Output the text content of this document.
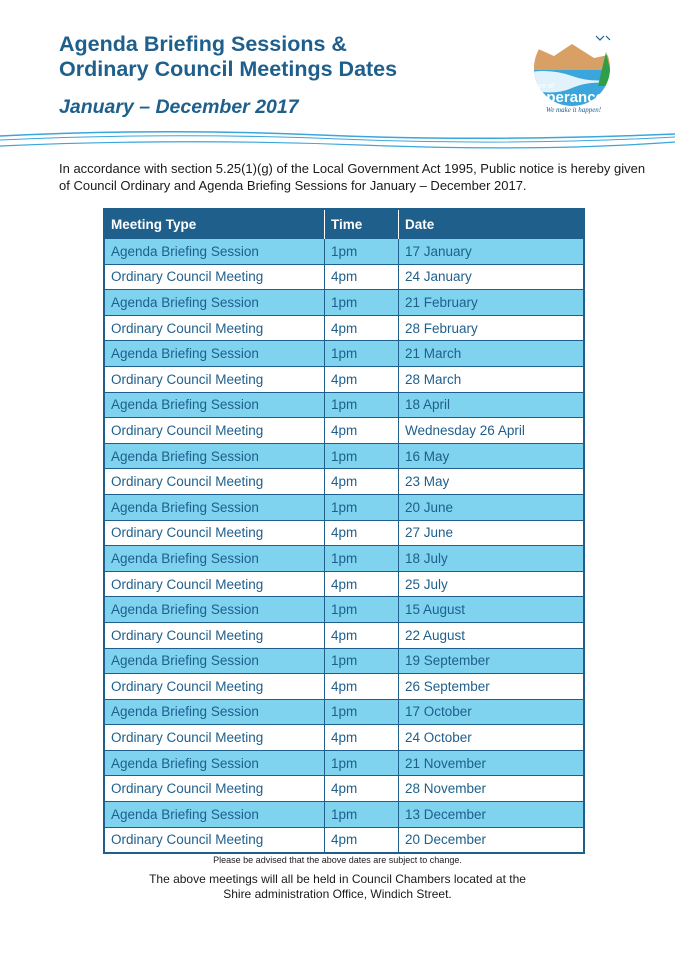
Agenda Briefing Sessions &
Ordinary Council Meetings Dates
January – December 2017
Shire of
Esperance
We make it happen!

In accordance with section 5.25(1)(g) of the Local Government Act 1995, Public notice is hereby given of Council Ordinary and Agenda Briefing Sessions for January – December 2017.

Meeting Type	Time	Date
Agenda Briefing Session	1pm	17 January
Ordinary Council Meeting	4pm	24 January
Agenda Briefing Session	1pm	21 February
Ordinary Council Meeting	4pm	28 February
Agenda Briefing Session	1pm	21 March
Ordinary Council Meeting	4pm	28 March
Agenda Briefing Session	1pm	18 April
Ordinary Council Meeting	4pm	Wednesday 26 April
Agenda Briefing Session	1pm	16 May
Ordinary Council Meeting	4pm	23 May
Agenda Briefing Session	1pm	20 June
Ordinary Council Meeting	4pm	27 June
Agenda Briefing Session	1pm	18 July
Ordinary Council Meeting	4pm	25 July
Agenda Briefing Session	1pm	15 August
Ordinary Council Meeting	4pm	22 August
Agenda Briefing Session	1pm	19 September
Ordinary Council Meeting	4pm	26 September
Agenda Briefing Session	1pm	17 October
Ordinary Council Meeting	4pm	24 October
Agenda Briefing Session	1pm	21 November
Ordinary Council Meeting	4pm	28 November
Agenda Briefing Session	1pm	13 December
Ordinary Council Meeting	4pm	20 December

Please be advised that the above dates are subject to change.

The above meetings will all be held in Council Chambers located at the
Shire administration Office, Windich Street.
